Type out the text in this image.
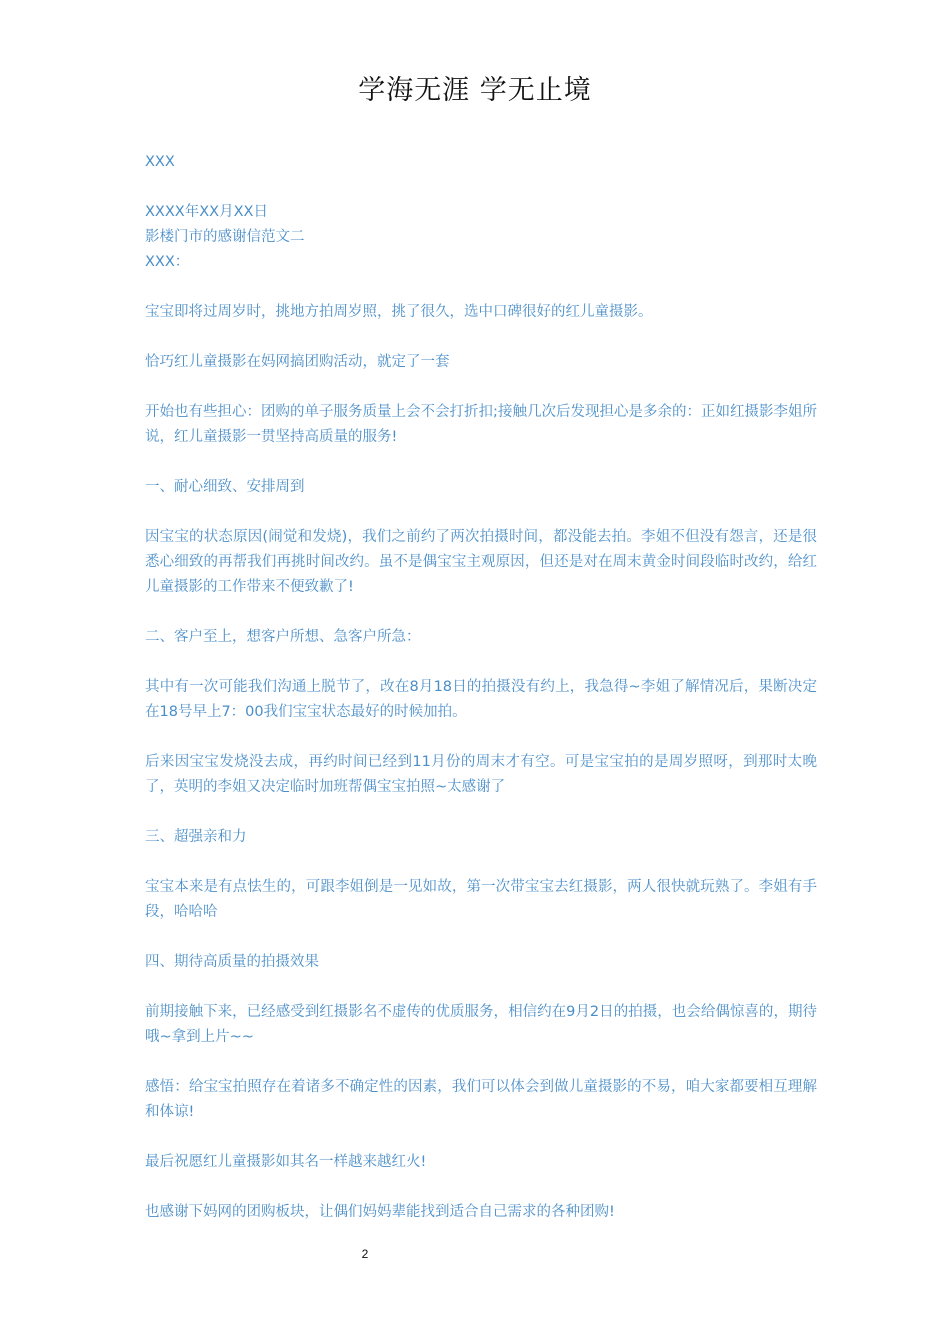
学海无涯 学无止境

XXX

XXXX年XX月XX日

影楼门市的感谢信范文二

XXX：

宝宝即将过周岁时，挑地方拍周岁照，挑了很久，选中口碑很好的红儿童摄影。

恰巧红儿童摄影在妈网搞团购活动，就定了一套

开始也有些担心：团购的单子服务质量上会不会打折扣;接触几次后发现担心是多余的：正如红摄影李姐所说，红儿童摄影一贯坚持高质量的服务!

一、耐心细致、安排周到

因宝宝的状态原因(闹觉和发烧)，我们之前约了两次拍摄时间，都没能去拍。李姐不但没有怨言，还是很悉心细致的再帮我们再挑时间改约。虽不是偶宝宝主观原因，但还是对在周末黄金时间段临时改约，给红儿童摄影的工作带来不便致歉了!

二、客户至上，想客户所想、急客户所急：

其中有一次可能我们沟通上脱节了，改在8月18日的拍摄没有约上，我急得~李姐了解情况后，果断决定在18号早上7：00我们宝宝状态最好的时候加拍。

后来因宝宝发烧没去成，再约时间已经到11月份的周末才有空。可是宝宝拍的是周岁照呀，到那时太晚了，英明的李姐又决定临时加班帮偶宝宝拍照~太感谢了

三、超强亲和力

宝宝本来是有点怯生的，可跟李姐倒是一见如故，第一次带宝宝去红摄影，两人很快就玩熟了。李姐有手段，哈哈哈

四、期待高质量的拍摄效果

前期接触下来，已经感受到红摄影名不虚传的优质服务，相信约在9月2日的拍摄，也会给偶惊喜的，期待哦~拿到上片~~

感悟：给宝宝拍照存在着诸多不确定性的因素，我们可以体会到做儿童摄影的不易，咱大家都要相互理解和体谅!

最后祝愿红儿童摄影如其名一样越来越红火!

也感谢下妈网的团购板块，让偶们妈妈辈能找到适合自己需求的各种团购!

2
